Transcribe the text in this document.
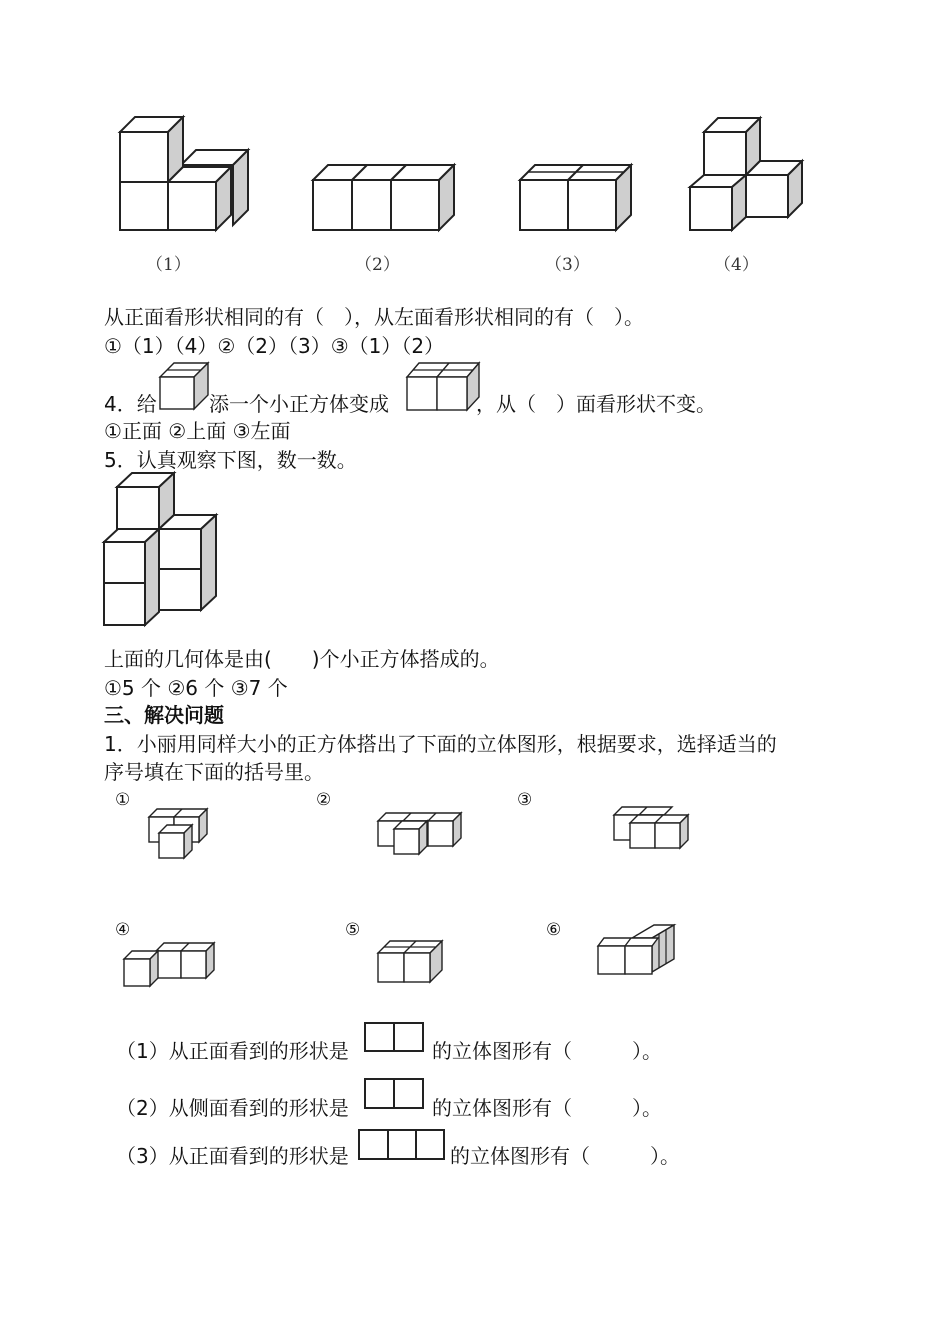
（1）	（2）	（3）	（4）
从正面看形状相同的有（　），从左面看形状相同的有（　）。
①（1）（4）②（2）（3）③（1）（2）
4．给	添一个小正方体变成	，从（　）面看形状不变。
①正面 ②上面 ③左面
5．认真观察下图，数一数。
上面的几何体是由(　　)个小正方体搭成的。
①5 个 ②6 个 ③7 个
三、解决问题
1．小丽用同样大小的正方体搭出了下面的立体图形，根据要求，选择适当的
序号填在下面的括号里。
①	②	③
④	⑤	⑥
（1）从正面看到的形状是	的立体图形有（　　　）。
（2）从侧面看到的形状是	的立体图形有（　　　）。
（3）从正面看到的形状是	的立体图形有（　　　）。
